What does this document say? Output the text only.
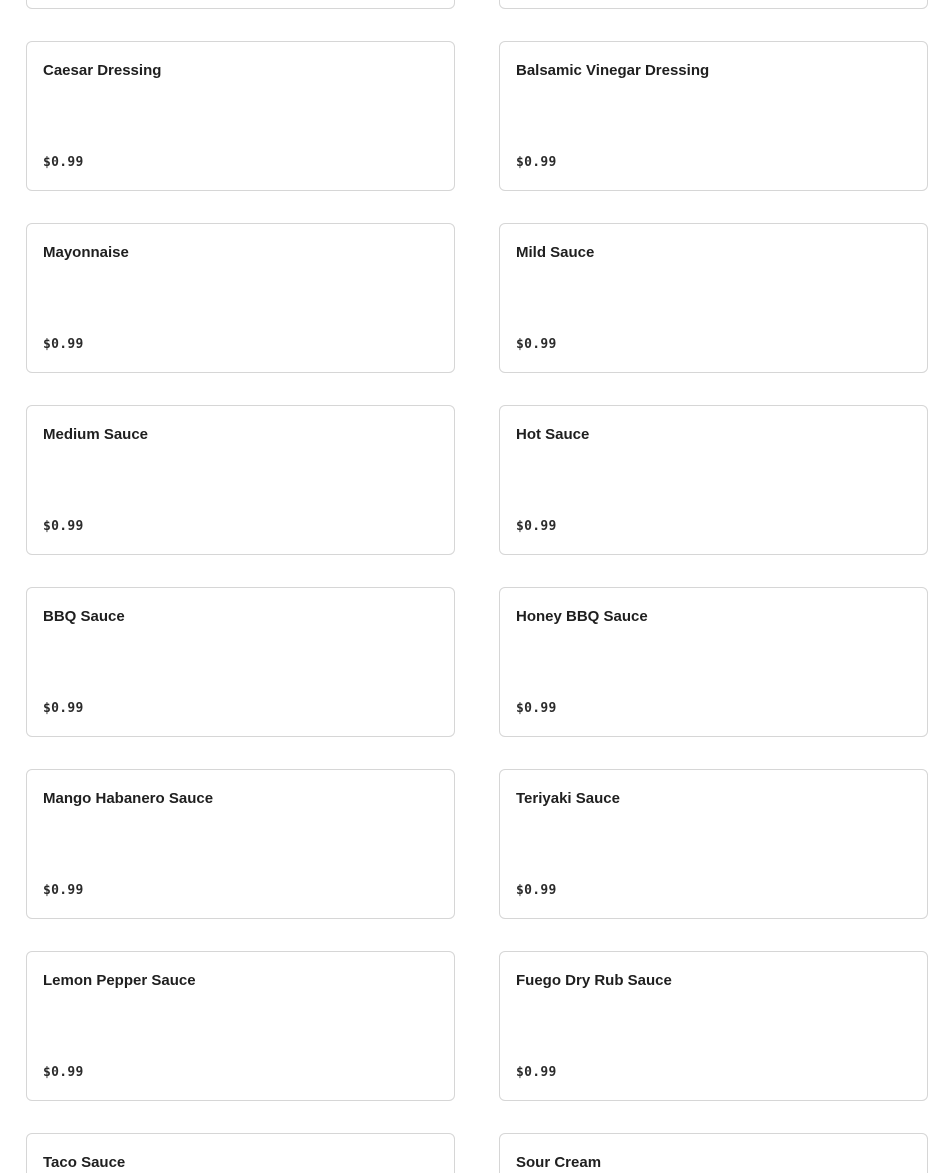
Caesar Dressing
$0.99
Balsamic Vinegar Dressing
$0.99
Mayonnaise
$0.99
Mild Sauce
$0.99
Medium Sauce
$0.99
Hot Sauce
$0.99
BBQ Sauce
$0.99
Honey BBQ Sauce
$0.99
Mango Habanero Sauce
$0.99
Teriyaki Sauce
$0.99
Lemon Pepper Sauce
$0.99
Fuego Dry Rub Sauce
$0.99
Taco Sauce	Sour Cream
